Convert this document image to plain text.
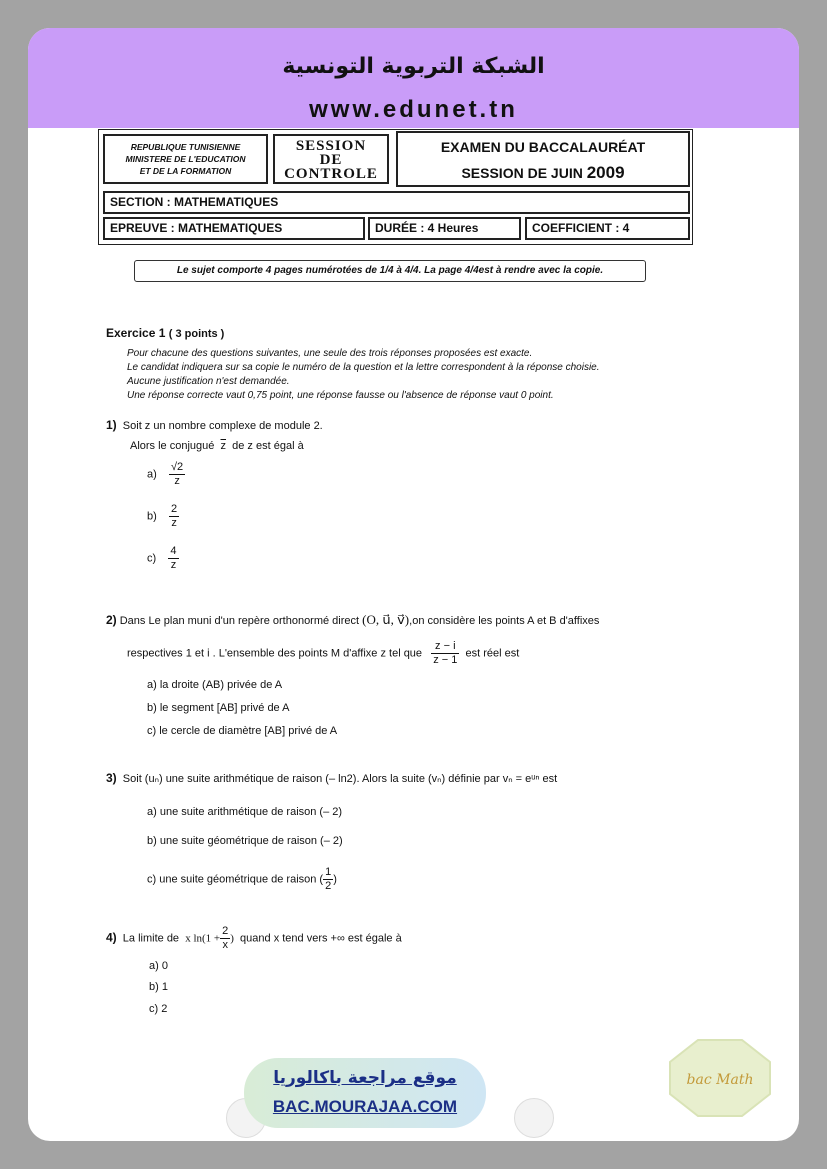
الشبكة التربوية التونسية
www.edunet.tn
REPUBLIQUE TUNISIENNE
MINISTERE DE L'EDUCATION
ET DE LA FORMATION
SESSION
DE
CONTROLE
EXAMEN DU BACCALAURÉAT
SESSION DE JUIN 2009
SECTION : MATHEMATIQUES
EPREUVE : MATHEMATIQUES	DURÉE : 4 Heures	COEFFICIENT : 4
Le sujet comporte 4 pages numérotées de 1/4 à 4/4. La page 4/4est à rendre avec la copie.
Exercice 1 ( 3 points )
Pour chacune des questions suivantes, une seule des trois réponses proposées est exacte.
Le candidat indiquera sur sa copie le numéro de la question et la lettre correspondent à la réponse choisie.
Aucune justification n'est demandée.
Une réponse correcte vaut 0,75 point, une réponse fausse ou l'absence de réponse vaut 0 point.
1) Soit z un nombre complexe de module 2.
Alors le conjugué $\overline{z}$ de z est égal à
$a) \frac{√2}{z}$
$b) \frac{2}{z}$
$c) \frac{4}{z}$
2) Dans Le plan muni d'un repère orthonormé direct (O, u⃗, v⃗),on considère les points A et B d'affixes
respectives 1 et i . L'ensemble des points M d'affixe z tel que $\frac{z - i}{z - 1}$ est réel est
a) la droite (AB) privée de A
b) le segment [AB] privé de A
c) le cercle de diamètre [AB] privé de A
3) Soit (uₙ) une suite arithmétique de raison (– ln2). Alors la suite (vₙ) définie par vₙ = eᵘⁿ est
a) une suite arithmétique de raison (– 2)
b) une suite géométrique de raison (– 2)
c) une suite géométrique de raison ( $\frac{1}{2}$ )
4) La limite de x $\ln(1 + \frac{2}{x}$ ) quand x tend vers +∞ est égale à
a) 0
b) 1
c) 2
موقع مراجعة باكالوريا
BAC.MOURAJAA.COM
bac Math
